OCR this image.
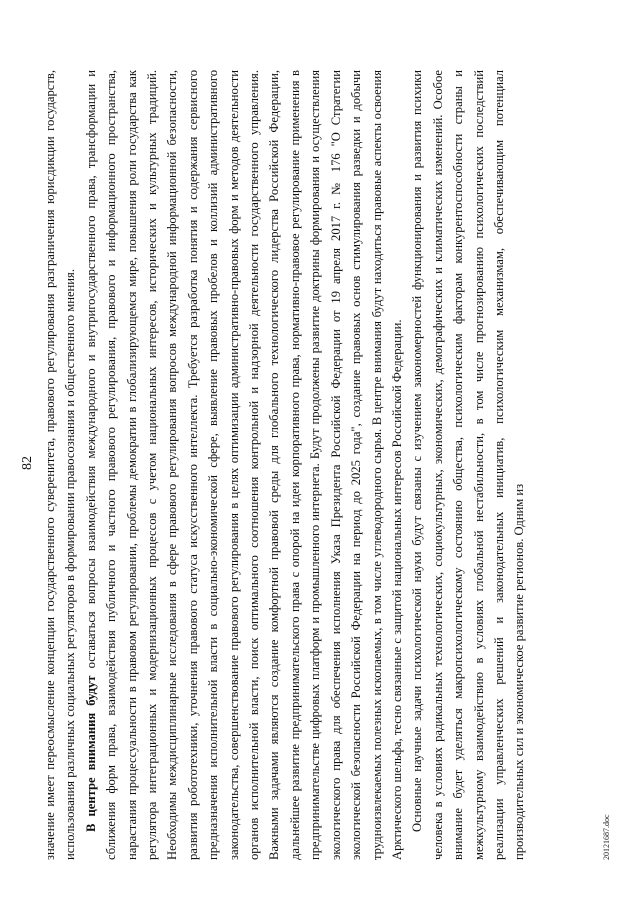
82 значение имеет переосмысление концепции государственного суверенитета, правового регулирования разграничения юрисдикции государств, использования различных социальных регуляторов в формировании правосознания и общественного мнения. В центре внимания будут оставаться вопросы взаимодействия международного и внутригосударственного права, трансформации и сближения форм права, взаимодействия публичного и частного правового регулирования, правового и информационного пространства, нарастания процессуальности в правовом регулировании, проблемы демократии в глобализирующемся мире, повышения роли государства как регулятора интеграционных и модернизационных процессов с учетом национальных интересов, исторических и культурных традиций. Необходимы междисциплинарные исследования в сфере правового регулирования вопросов международной информационной безопасности, развития робототехники, уточнения правового статуса искусственного интеллекта. Требуется разработка понятия и содержания сервисного предназначения исполнительной власти в социально-экономической сфере, выявление правовых пробелов и коллизий административного законодательства, совершенствование правового регулирования в целях оптимизации административно-правовых форм и методов деятельности органов исполнительной власти, поиск оптимального соотношения контрольной и надзорной деятельности государственного управления. Важными задачами являются создание комфортной правовой среды для глобального технологического лидерства Российской Федерации, дальнейшее развитие предпринимательского права с опорой на идеи корпоративного права, нормативно-правовое регулирование применения в предпринимательстве цифровых платформ и промышленного интернета. Будут продолжены развитие доктрины формирования и осуществления экологического права для обеспечения исполнения Указа Президента Российской Федерации от 19 апреля 2017 г. № 176 "О Стратегии экологической безопасности Российской Федерации на период до 2025 года", создание правовых основ стимулирования разведки и добычи трудноизвлекаемых полезных ископаемых, в том числе углеводородного сырья. В центре внимания будут находиться правовые аспекты освоения Арктического шельфа, тесно связанные с защитой национальных интересов Российской Федерации. Основные научные задачи психологической науки будут связаны с изучением закономерностей функционирования и развития психики человека в условиях радикальных технологических, социокультурных, экономических, демографических и климатических изменений. Особое внимание будет уделяться макропсихологическому состоянию общества, психологическим факторам конкурентоспособности страны и межкультурному взаимодействию в условиях глобальной нестабильности, в том числе прогнозированию психологических последствий реализации управленческих решений и законодательных инициатив, психологическим механизмам, обеспечивающим потенциал производительных сил и экономическое развитие регионов. Одним из	20121687.doc
